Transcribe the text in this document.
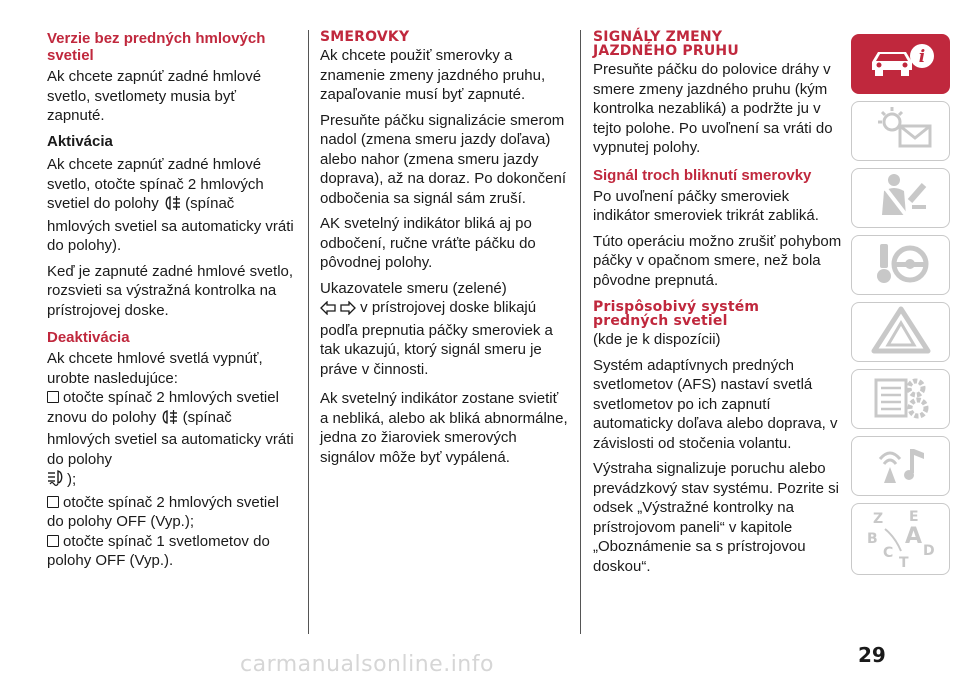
Verzie bez predných hmlových svetiel

Ak chcete zapnúť zadné hmlové svetlo, svetlomety musia byť zapnuté.

Aktivácia

Ak chcete zapnúť zadné hmlové svetlo, otočte spínač 2 hmlových svetiel do polohy (spínač hmlových svetiel sa automaticky vráti do polohy).

Keď je zapnuté zadné hmlové svetlo, rozsvieti sa výstražná kontrolka na prístrojovej doske.

Deaktivácia

Ak chcete hmlové svetlá vypnúť, urobte nasledujúce:

otočte spínač 2 hmlových svetiel znovu do polohy (spínač hmlových svetiel sa automaticky vráti do polohy
);
otočte spínač 2 hmlových svetiel do polohy OFF (Vyp.);
otočte spínač 1 svetlometov do polohy OFF (Vyp.).
SMEROVKY

Ak chcete použiť smerovky a znamenie zmeny jazdného pruhu, zapaľovanie musí byť zapnuté.

Presuňte páčku signalizácie smerom nadol (zmena smeru jazdy doľava) alebo nahor (zmena smeru jazdy doprava), až na doraz. Po dokončení odbočenia sa signál sám zruší.

AK svetelný indikátor bliká aj po odbočení, ručne vráťte páčku do pôvodnej polohy.

Ukazovatele smeru (zelené)
v prístrojovej doske blikajú podľa prepnutia páčky smeroviek a tak ukazujú, ktorý signál smeru je práve v činnosti.

Ak svetelný indikátor zostane svietiť a nebliká, alebo ak bliká abnormálne, jedna zo žiaroviek smerových signálov môže byť vypálená.

SIGNÁLY ZMENY
JAZDNÉHO PRUHU

Presuňte páčku do polovice dráhy v smere zmeny jazdného pruhu (kým kontrolka nezabliká) a podržte ju v tejto polohe. Po uvoľnení sa vráti do vypnutej polohy.

Signál troch bliknutí smerovky

Po uvoľnení páčky smeroviek indikátor smeroviek trikrát zabliká.

Túto operáciu možno zrušiť pohybom páčky v opačnom smere, než bola pôvodne prepnutá.

Prispôsobivý systém
predných svetiel

(kde je k dispozícii)

Systém adaptívnych predných svetlometov (AFS) nastaví svetlá svetlometov po ich zapnutí automaticky doľava alebo doprava, v závislosti od stočenia volantu.

Výstraha signalizuje poruchu alebo prevádzkový stav systému. Pozrite si odsek „Výstražné kontrolky na prístrojovom paneli“ v kapitole „Oboznámenie sa s prístrojovou doskou“.

i
Z E
B A
C D
T
29
carmanualsonline.info
